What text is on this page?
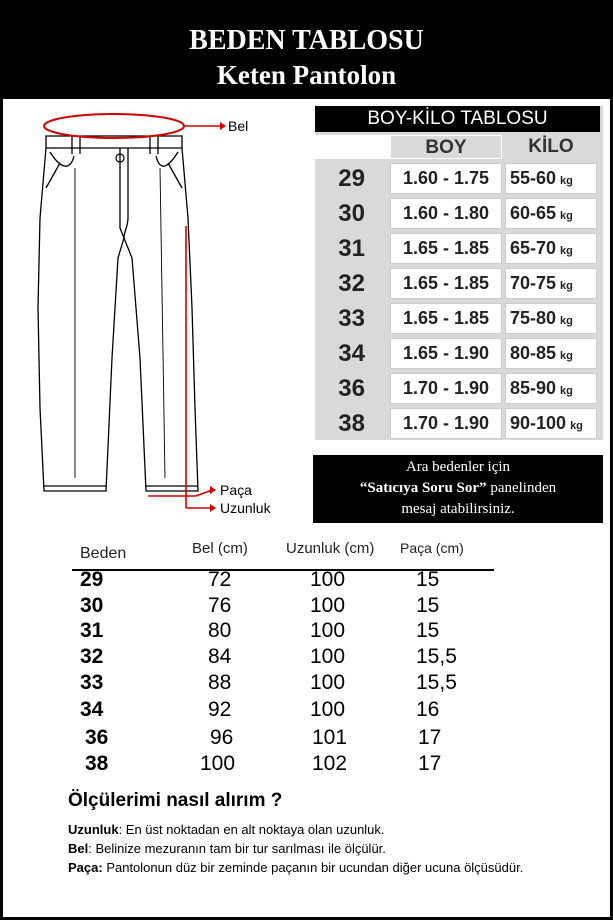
BEDEN TABLOSU
Keten Pantolon
Bel
Paça
Uzunluk
BOY-KİLO TABLOSU
BOY	KİLO
29	1.60 - 1.75	55-60 kg
30	1.60 - 1.80	60-65 kg
31	1.65 - 1.85	65-70 kg
32	1.65 - 1.85	70-75 kg
33	1.65 - 1.85	75-80 kg
34	1.65 - 1.90	80-85 kg
36	1.70 - 1.90	85-90 kg
38	1.70 - 1.90	90-100 kg
Ara bedenler için
“Satıcıya Soru Sor” panelinden
mesaj atabilirsiniz.
Beden	Bel (cm)	Uzunluk (cm) Paça (cm)
29	72	100	15
30	76	100	15
31	80	100	15
32	84	100	15,5
33	88	100	15,5
34	92	100	16
36	96	101	17
38	100	102	17
Ölçülerimi nasıl alırım ?

Uzunluk: En üst noktadan en alt noktaya olan uzunluk.

Bel: Belinize mezuranın tam bir tur sarılması ile ölçülür.

Paça: Pantolonun düz bir zeminde paçanın bir ucundan diğer ucuna ölçüsüdür.
